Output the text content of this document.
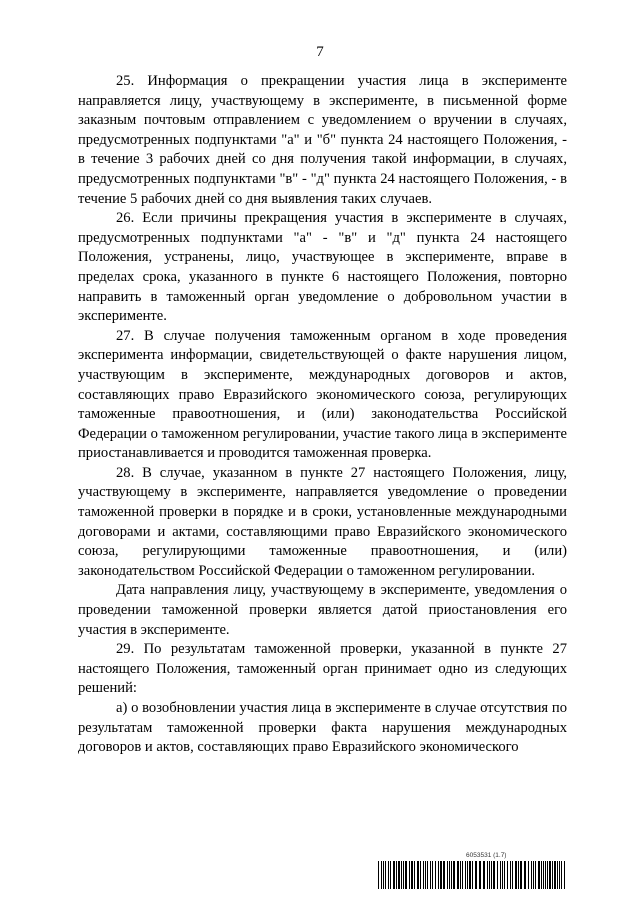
7

25. Информация о прекращении участия лица в эксперименте направляется лицу, участвующему в эксперименте, в письменной форме заказным почтовым отправлением с уведомлением о вручении в случаях, предусмотренных подпунктами "а" и "б" пункта 24 настоящего Положения, - в течение 3 рабочих дней со дня получения такой информации, в случаях, предусмотренных подпунктами "в" - "д" пункта 24 настоящего Положения, - в течение 5 рабочих дней со дня выявления таких случаев.

26. Если причины прекращения участия в эксперименте в случаях, предусмотренных подпунктами "а" - "в" и "д" пункта 24 настоящего Положения, устранены, лицо, участвующее в эксперименте, вправе в пределах срока, указанного в пункте 6 настоящего Положения, повторно направить в таможенный орган уведомление о добровольном участии в эксперименте.

27. В случае получения таможенным органом в ходе проведения эксперимента информации, свидетельствующей о факте нарушения лицом, участвующим в эксперименте, международных договоров и актов, составляющих право Евразийского экономического союза, регулирующих таможенные правоотношения, и (или) законодательства Российской Федерации о таможенном регулировании, участие такого лица в эксперименте приостанавливается и проводится таможенная проверка.

28. В случае, указанном в пункте 27 настоящего Положения, лицу, участвующему в эксперименте, направляется уведомление о проведении таможенной проверки в порядке и в сроки, установленные международными договорами и актами, составляющими право Евразийского экономического союза, регулирующими таможенные правоотношения, и (или) законодательством Российской Федерации о таможенном регулировании.

Дата направления лицу, участвующему в эксперименте, уведомления о проведении таможенной проверки является датой приостановления его участия в эксперименте.

29. По результатам таможенной проверки, указанной в пункте 27 настоящего Положения, таможенный орган принимает одно из следующих решений:

а) о возобновлении участия лица в эксперименте в случае отсутствия по результатам таможенной проверки факта нарушения международных договоров и актов, составляющих право Евразийского экономического

6053531 (1.7)
